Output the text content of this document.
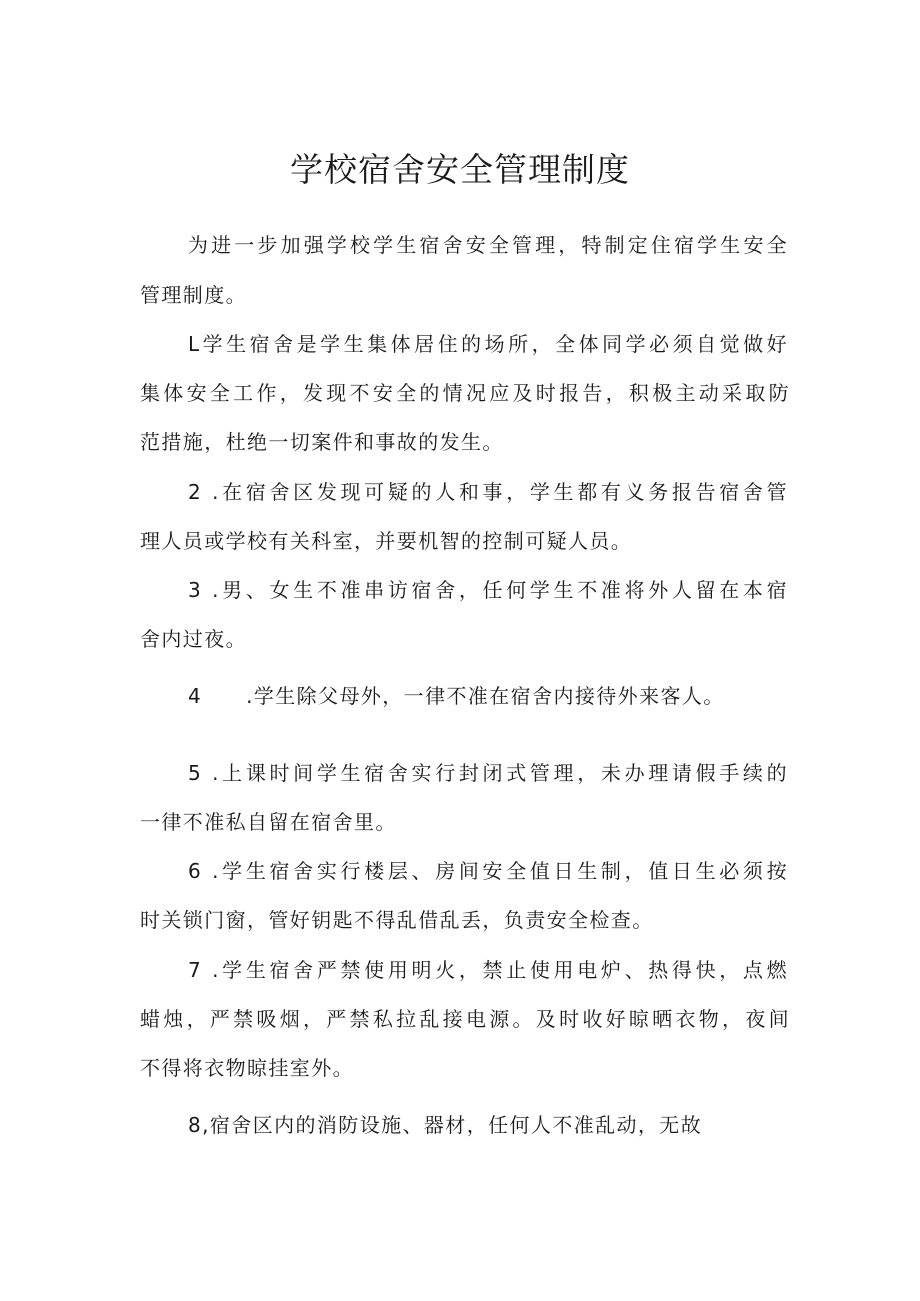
学校宿舍安全管理制度
为进一步加强学校学生宿舍安全管理，特制定住宿学生安全
管理制度。
L学生宿舍是学生集体居住的场所，全体同学必须自觉做好
集体安全工作，发现不安全的情况应及时报告，积极主动采取防
范措施，杜绝一切案件和事故的发生。
2 .在宿舍区发现可疑的人和事，学生都有义务报告宿舍管
理人员或学校有关科室，并要机智的控制可疑人员。
3 .男、女生不准串访宿舍，任何学生不准将外人留在本宿
舍内过夜。
4 .学生除父母外，一律不准在宿舍内接待外来客人。
5 .上课时间学生宿舍实行封闭式管理，未办理请假手续的
一律不准私自留在宿舍里。
6 .学生宿舍实行楼层、房间安全值日生制，值日生必须按
时关锁门窗，管好钥匙不得乱借乱丢，负责安全检查。
7 .学生宿舍严禁使用明火，禁止使用电炉、热得快，点燃
蜡烛，严禁吸烟，严禁私拉乱接电源。及时收好晾晒衣物，夜间
不得将衣物晾挂室外。
8,宿舍区内的消防设施、器材，任何人不准乱动，无故
